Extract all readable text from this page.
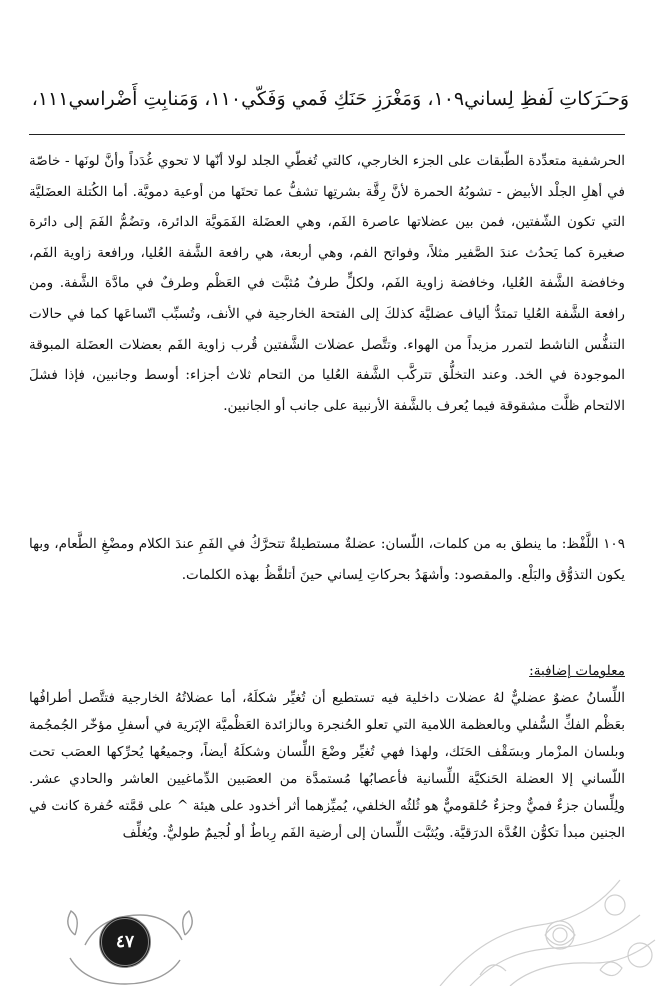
وَحـَرَكاتِ لَفظِ لِساني١٠٩، وَمَغْرَزِ حَنَكِ فَمي وَفَكّي١١٠، وَمَنابِتِ أَضْراسي١١١،

الحرشفية متعدِّدة الطّبقات على الجزء الخارجي، كالتي تُغطّي الجلد لولا أنّها لا تحوي غُدَداً وأنَّ لونَها - خاصّة في أهلِ الجلْد الأبيض - تشوبُهُ الحمرة لأنَّ رِقَّة بشرتِها تشفُّ عما تحتَها من أوعية دمويَّة. أما الكُتلة العضَليَّة التي تكون الشّفتين، فمن بين عضلاتها عاصرة الفَم، وهي العضَلة الفَمَويَّة الدائرة، وتضُمُّ الفَمَ إلى دائرة صغيرة كما يَحدُث عندَ الصَّفير مثلاً، وفواتح الفم، وهي أربعة، هي رافعة الشَّفة العُليا، ورافعة زاوية الفَم، وخافضة الشَّفة العُليا، وخافضة زاوية الفَم، ولكلٍّ طرفٌ مُثبَّت في العَظْم وطرفٌ في مادَّة الشَّفة. ومن رافعة الشَّفة العُليا تمتدُّ ألياف عضليَّة كذلكَ إلى الفتحة الخارجية في الأنف، وتُسبِّب اتّساعَها كما في حالات التنفُّس الناشط لتمرر مزيداً من الهواء. وتتَّصل عضلات الشَّفتين قُرب زاوية الفَم بعضلات العضَلة المبوقة الموجودة في الخد. وعند التخلُّق تتركَّب الشَّفة العُليا من التحام ثلاث أجزاء: أوسط وجانبين، فإذا فشلَ الالتحام ظلَّت مشقوقة فيما يُعرف بالشَّفة الأرنبية على جانب أو الجانبين.

١٠٩ اللَّفْظ: ما ينطق به من كلمات، اللّسان: عضلةٌ مستطيلةٌ تتحرَّكُ في الفَمِ عندَ الكلام ومضْغِ الطَّعام، وبها يكون التذوُّق والبَلْع. والمقصود: وأشهَدُ بحركاتِ لِساني حينَ أتلفَّظُ بهذه الكلمات.

معلومات إضافية:

اللِّسانُ عضوٌ عضليٌّ لهُ عضلات داخلية فيه تستطيع أن تُغيِّر شكلَهُ، أما عضلاتُهُ الخارجية فتتَّصل أطرافُها بعَظْم الفكِّ السُّفلي وبالعظمة اللامية التي تعلو الحُنجرة وبالزائدة العَظْميَّة الإبَرية في أسفلِ مؤخّر الجُمجُمة وبلسان المزْمار وبسَقْف الحَنَك، ولهذا فهي تُغيِّر وضْعَ اللِّسان وشكلَهُ أيضاً، وجميعُها يُحرِّكها العصَب تحت اللّساني إلا العضلة الحَنكيَّة اللِّسانية فأعصابُها مُستمدَّة من العصَبين الدِّماغيين العاشر والحادي عشر. ولِلِّسان جزءٌ فميٌّ وجزءٌ حُلقوميٌّ هو ثُلثُه الخلفي، يُميِّزهما أثر أخدود على هيئة ^ على قمَّته حُفرة كانت في الجنين مبدأ تكوُّن الغُدَّة الدرَقيَّة. ويُثبَّت اللِّسان إلى أرضية الفَم رِباطٌ أو لُجيمٌ طوليٌّ. ويُغلِّف

٤٧
